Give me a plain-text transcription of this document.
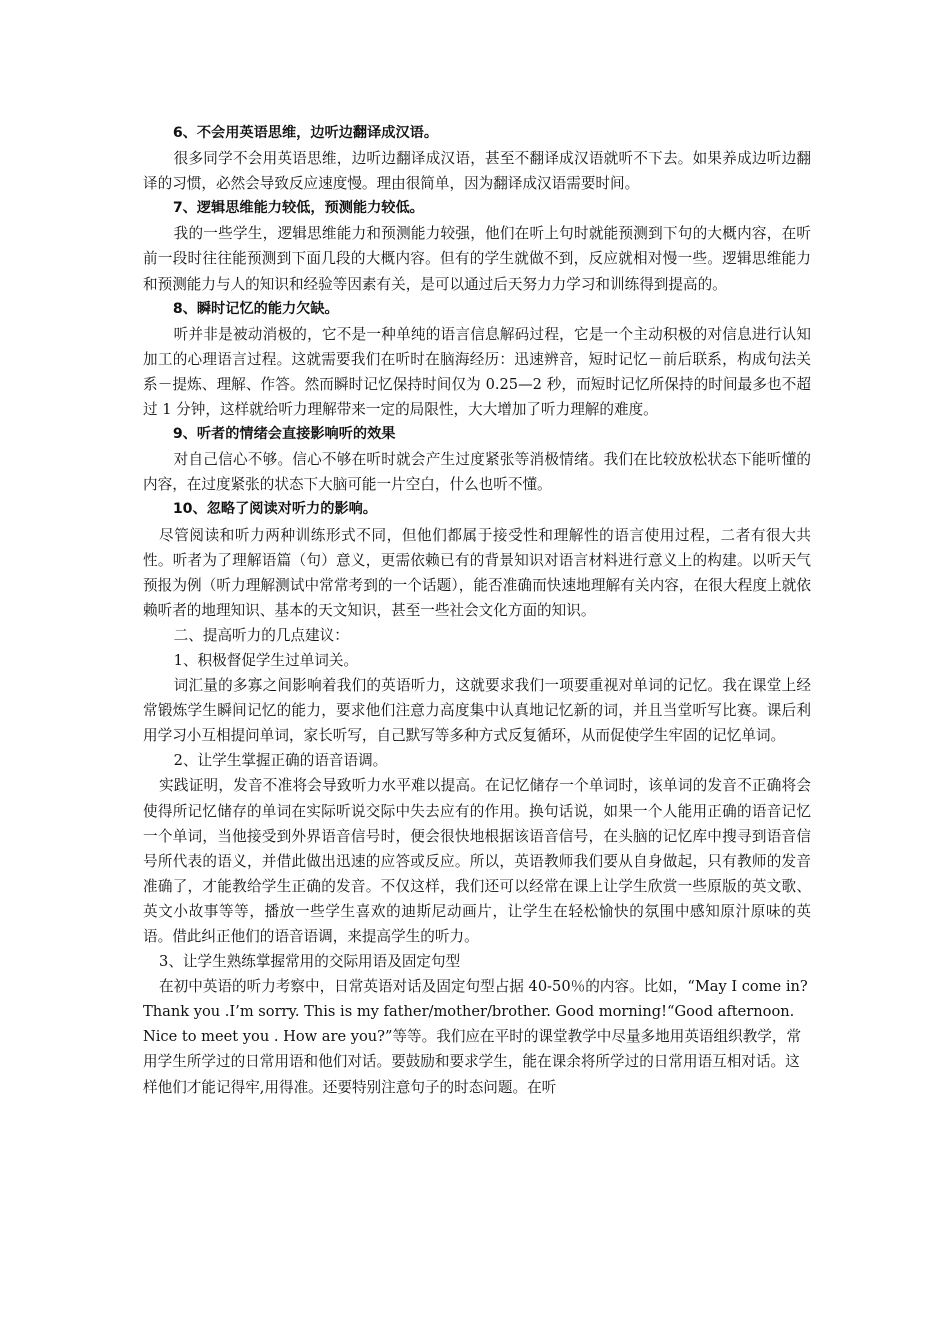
6、不会用英语思维，边听边翻译成汉语。

很多同学不会用英语思维，边听边翻译成汉语，甚至不翻译成汉语就听不下去。如果养成边听边翻译的习惯，必然会导致反应速度慢。理由很简单，因为翻译成汉语需要时间。

7、逻辑思维能力较低，预测能力较低。

我的一些学生，逻辑思维能力和预测能力较强，他们在听上句时就能预测到下句的大概内容，在听前一段时往往能预测到下面几段的大概内容。但有的学生就做不到，反应就相对慢一些。逻辑思维能力和预测能力与人的知识和经验等因素有关，是可以通过后天努力力学习和训练得到提高的。

8、瞬时记忆的能力欠缺。

听并非是被动消极的，它不是一种单纯的语言信息解码过程，它是一个主动积极的对信息进行认知加工的心理语言过程。这就需要我们在听时在脑海经历：迅速辨音，短时记忆－前后联系，构成句法关系－提炼、理解、作答。然而瞬时记忆保持时间仅为 0.25—2 秒，而短时记忆所保持的时间最多也不超过 1 分钟，这样就给听力理解带来一定的局限性，大大增加了听力理解的难度。

9、听者的情绪会直接影响听的效果

对自己信心不够。信心不够在听时就会产生过度紧张等消极情绪。我们在比较放松状态下能听懂的内容，在过度紧张的状态下大脑可能一片空白，什么也听不懂。

10、忽略了阅读对听力的影响。

尽管阅读和听力两种训练形式不同，但他们都属于接受性和理解性的语言使用过程，二者有很大共性。听者为了理解语篇（句）意义，更需依赖已有的背景知识对语言材料进行意义上的构建。以听天气预报为例（听力理解测试中常常考到的一个话题），能否准确而快速地理解有关内容，在很大程度上就依赖听者的地理知识、基本的天文知识，甚至一些社会文化方面的知识。

二、提高听力的几点建议：

1、积极督促学生过单词关。

词汇量的多寡之间影响着我们的英语听力，这就要求我们一项要重视对单词的记忆。我在课堂上经常锻炼学生瞬间记忆的能力，要求他们注意力高度集中认真地记忆新的词，并且当堂听写比赛。课后利用学习小互相提问单词，家长听写，自己默写等多种方式反复循环，从而促使学生牢固的记忆单词。

2、让学生掌握正确的语音语调。

实践证明，发音不准将会导致听力水平难以提高。在记忆储存一个单词时，该单词的发音不正确将会使得所记忆储存的单词在实际听说交际中失去应有的作用。换句话说，如果一个人能用正确的语音记忆一个单词，当他接受到外界语音信号时，便会很快地根据该语音信号，在头脑的记忆库中搜寻到语音信号所代表的语义，并借此做出迅速的应答或反应。所以，英语教师我们要从自身做起，只有教师的发音准确了，才能教给学生正确的发音。不仅这样，我们还可以经常在课上让学生欣赏一些原版的英文歌、英文小故事等等，播放一些学生喜欢的迪斯尼动画片，让学生在轻松愉快的氛围中感知原汁原味的英语。借此纠正他们的语音语调，来提高学生的听力。

3、让学生熟练掌握常用的交际用语及固定句型

在初中英语的听力考察中，日常英语对话及固定句型占据 40-50％的内容。比如，“May I come in? Thank you .I’m sorry. This is my father/mother/brother. Good morning!“Good afternoon. Nice to meet you . How are you?”等等。我们应在平时的课堂教学中尽量多地用英语组织教学，常用学生所学过的日常用语和他们对话。要鼓励和要求学生，能在课余将所学过的日常用语互相对话。这样他们才能记得牢,用得准。还要特别注意句子的时态问题。在听
